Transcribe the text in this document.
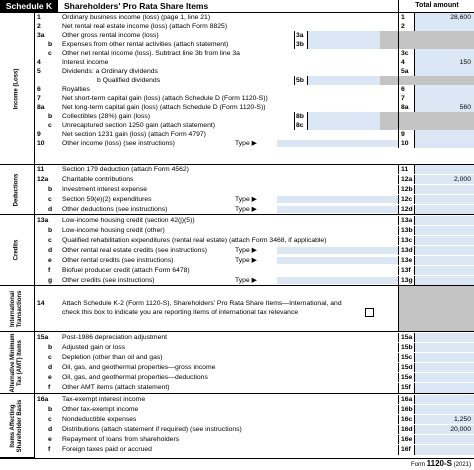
Schedule K	Shareholders' Pro Rata Share Items	Total amount
Income (Loss)
Deductions
Credits
International Transactions
Alternative Minimum Tax (AMT) Items
Items Affecting Shareholder Basis
1	Ordinary business income (loss) (page 1, line 21)	1	28,600
2	Net rental real estate income (loss) (attach Form 8825)	2
3a	Other gross rental income (loss)	3a
b	Expenses from other rental activities (attach statement)	3b
c	Other net rental income (loss). Subtract line 3b from line 3a	3c
4	Interest income	4	150
5	Dividends: a Ordinary dividends	5a
b Qualified dividends	5b
6	Royalties	6
7	Net short-term capital gain (loss) (attach Schedule D (Form 1120-S))	7
8a	Net long-term capital gain (loss) (attach Schedule D (Form 1120-S))	8a	560
b	Collectibles (28%) gain (loss)	8b
c	Unrecaptured section 1250 gain (attach statement)	8c
9	Net section 1231 gain (loss) (attach Form 4797)	9
10	Other income (loss) (see instructions)	Type ▶	10
11	Section 179 deduction (attach Form 4562)	11
12a	Charitable contributions	12a	2,000
b	Investment interest expense	12b
c	Section 59(e)(2) expenditures	Type ▶	12c
d	Other deductions (see instructions)	Type ▶	12d
13a	Low-income housing credit (section 42(j)(5))	13a
b	Low-income housing credit (other)	13b
c	Qualified rehabilitation expenditures (rental real estate) (attach Form 3468, if applicable)	13c
d	Other rental real estate credits (see instructions)	Type ▶	13d
e	Other rental credits (see instructions)	Type ▶	13e
f	Biofuel producer credit (attach Form 6478)	13f
g	Other credits (see instructions)	Type ▶	13g
14	Attach Schedule K-2 (Form 1120-S), Shareholders' Pro Rata Share Items—International, and
check this box to indicate you are reporting items of international tax relevance
15a	Post-1986 depreciation adjustment	15a
b	Adjusted gain or loss	15b
c	Depletion (other than oil and gas)	15c
d	Oil, gas, and geothermal properties—gross income	15d
e	Oil, gas, and geothermal properties—deductions	15e
f	Other AMT items (attach statement)	15f
16a	Tax-exempt interest income	16a
b	Other tax-exempt income	16b
c	Nondeductible expenses	16c	1,250
d	Distributions (attach statement if required) (see instructions)	16d	20,000
e	Repayment of loans from shareholders	16e
f	Foreign taxes paid or accrued	16f
Form 1120-S (2021)
